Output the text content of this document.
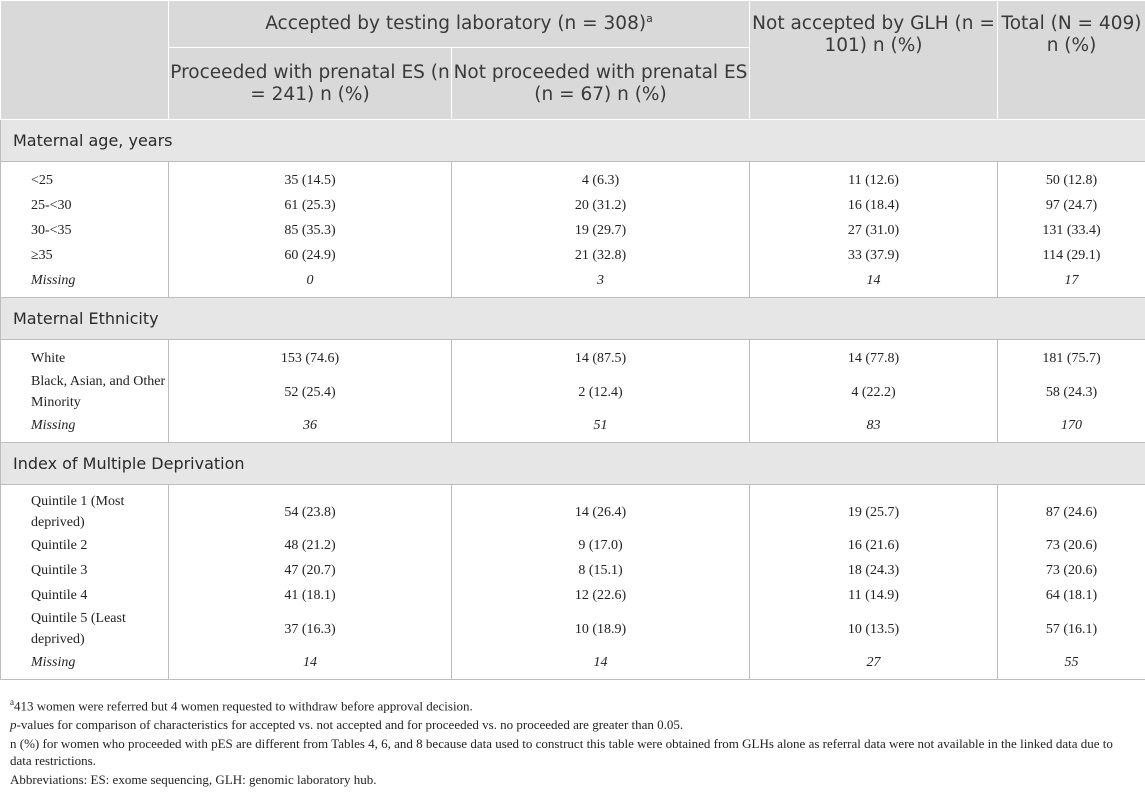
	Accepted by testing laboratory (n = 308)$^a$		Not accepted by GLH (n = 101) n (%)	Total (N = 409) n (%)
	Proceeded with prenatal ES (n = 241) n (%)	Not proceeded with prenatal ES (n = 67) n (%)		
Maternal age, years				
<25	35 (14.5)	4 (6.3)	11 (12.6)	50 (12.8)
25-<30	61 (25.3)	20 (31.2)	16 (18.4)	97 (24.7)
30-<35	85 (35.3)	19 (29.7)	27 (31.0)	131 (33.4)
≥35	60 (24.9)	21 (32.8)	33 (37.9)	114 (29.1)
Missing	0	3	14	17
Maternal Ethnicity				
White	153 (74.6)	14 (87.5)	14 (77.8)	181 (75.7)
Black, Asian, and Other Minority	52 (25.4)	2 (12.4)	4 (22.2)	58 (24.3)
Missing	36	51	83	170
Index of Multiple Deprivation				
Quintile 1 (Most deprived)	54 (23.8)	14 (26.4)	19 (25.7)	87 (24.6)
Quintile 2	48 (21.2)	9 (17.0)	16 (21.6)	73 (20.6)
Quintile 3	47 (20.7)	8 (15.1)	18 (24.3)	73 (20.6)
Quintile 4	41 (18.1)	12 (22.6)	11 (14.9)	64 (18.1)
Quintile 5 (Least deprived)	37 (16.3)	10 (18.9)	10 (13.5)	57 (16.1)
Missing	14	14	27	55

$^a$413 women were referred but 4 women requested to withdraw before approval decision.

p-values for comparison of characteristics for accepted vs. not accepted and for proceeded vs. no proceeded are greater than 0.05.

n (%) for women who proceeded with pES are different from Tables 4, 6, and 8 because data used to construct this table were obtained from GLHs alone as referral data were not available in the linked data due to data restrictions.

Abbreviations: ES: exome sequencing, GLH: genomic laboratory hub.
